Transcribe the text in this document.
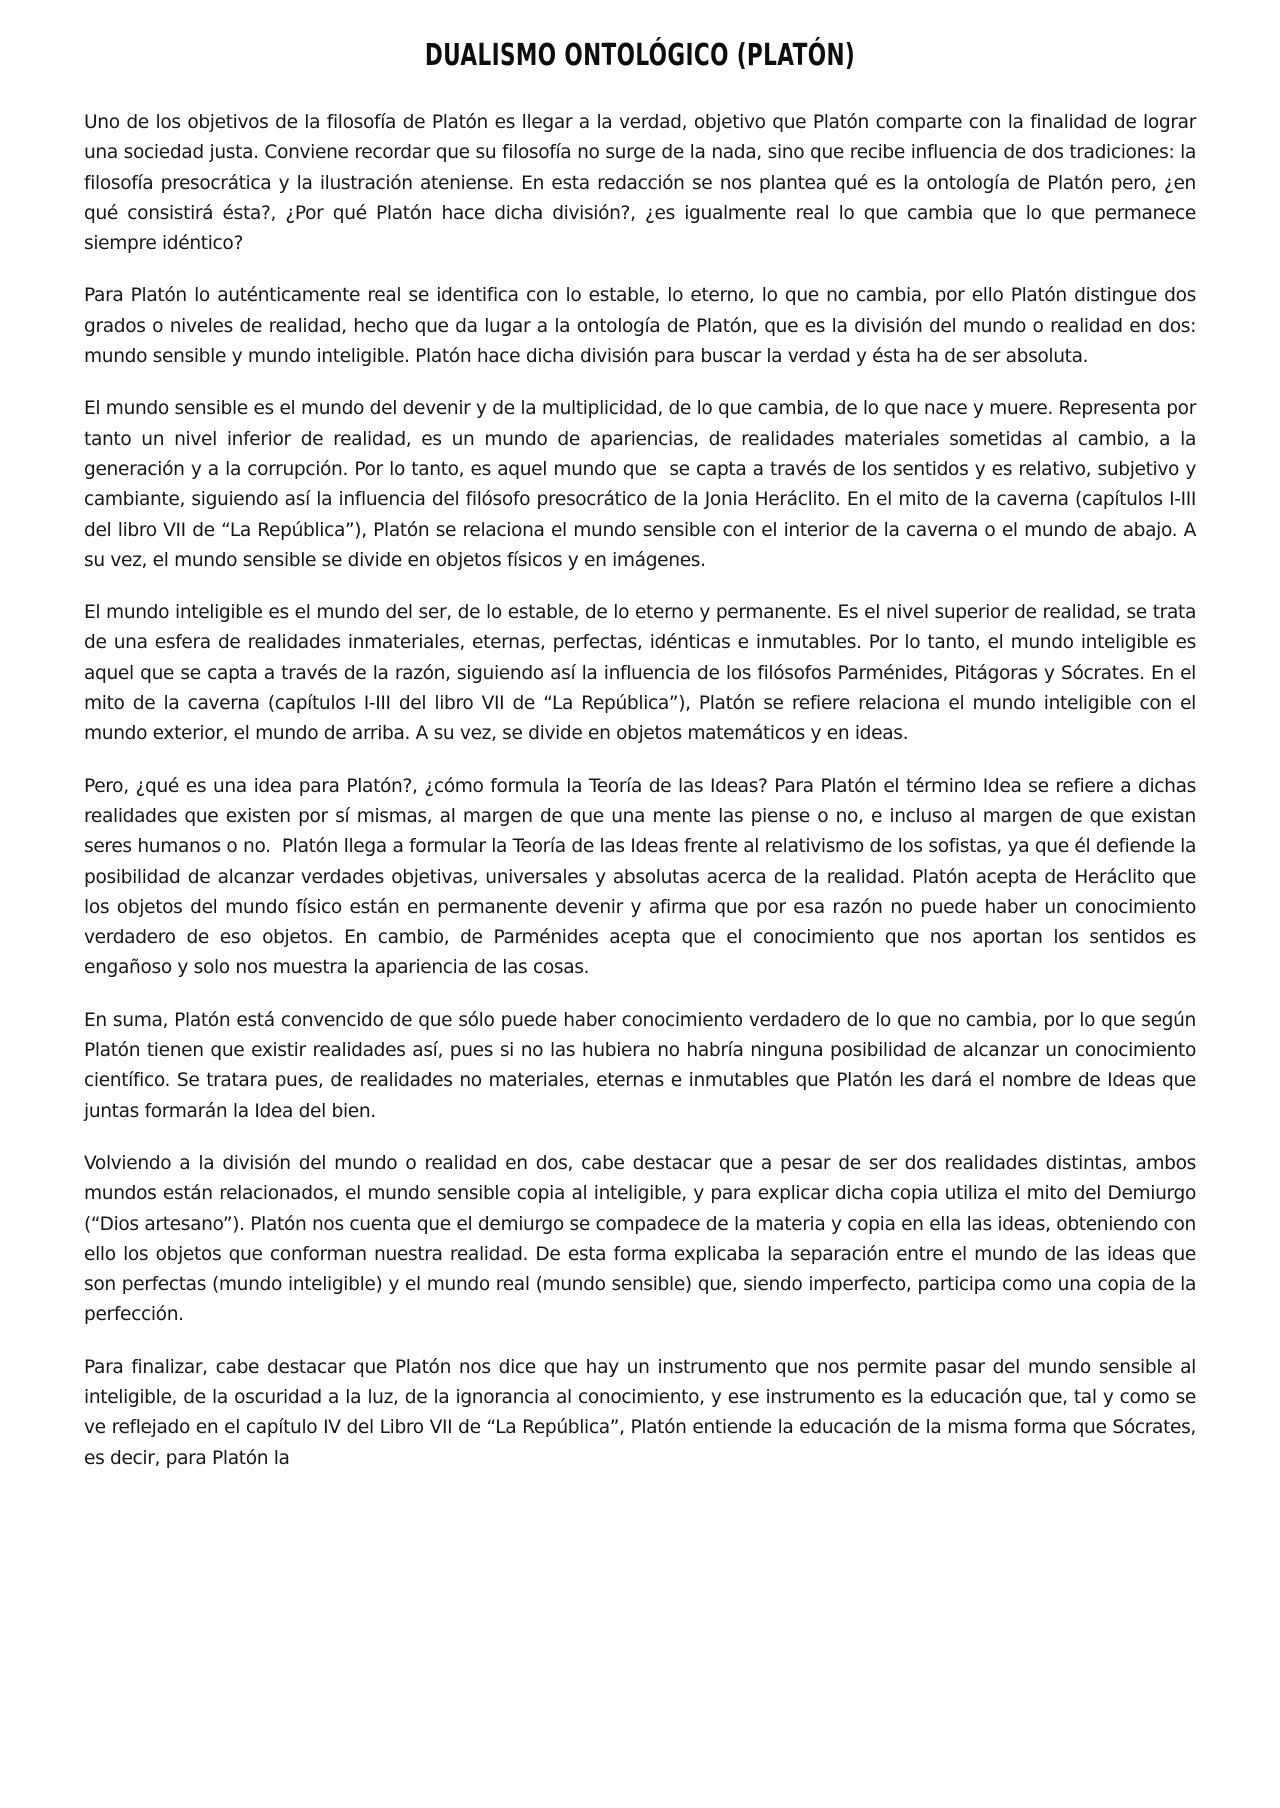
DUALISMO ONTOLÓGICO (PLATÓN)

Uno de los objetivos de la filosofía de Platón es llegar a la verdad, objetivo que Platón comparte con la finalidad de lograr una sociedad justa. Conviene recordar que su filosofía no surge de la nada, sino que recibe influencia de dos tradiciones: la filosofía presocrática y la ilustración ateniense. En esta redacción se nos plantea qué es la ontología de Platón pero, ¿en qué consistirá ésta?, ¿Por qué Platón hace dicha división?, ¿es igualmente real lo que cambia que lo que permanece siempre idéntico?

Para Platón lo auténticamente real se identifica con lo estable, lo eterno, lo que no cambia, por ello Platón distingue dos grados o niveles de realidad, hecho que da lugar a la ontología de Platón, que es la división del mundo o realidad en dos: mundo sensible y mundo inteligible. Platón hace dicha división para buscar la verdad y ésta ha de ser absoluta.

El mundo sensible es el mundo del devenir y de la multiplicidad, de lo que cambia, de lo que nace y muere. Representa por tanto un nivel inferior de realidad, es un mundo de apariencias, de realidades materiales sometidas al cambio, a la generación y a la corrupción. Por lo tanto, es aquel mundo que  se capta a través de los sentidos y es relativo, subjetivo y cambiante, siguiendo así la influencia del filósofo presocrático de la Jonia Heráclito. En el mito de la caverna (capítulos I-III del libro VII de “La República”), Platón se relaciona el mundo sensible con el interior de la caverna o el mundo de abajo. A su vez, el mundo sensible se divide en objetos físicos y en imágenes.

El mundo inteligible es el mundo del ser, de lo estable, de lo eterno y permanente. Es el nivel superior de realidad, se trata de una esfera de realidades inmateriales, eternas, perfectas, idénticas e inmutables. Por lo tanto, el mundo inteligible es aquel que se capta a través de la razón, siguiendo así la influencia de los filósofos Parménides, Pitágoras y Sócrates. En el mito de la caverna (capítulos I-III del libro VII de “La República”), Platón se refiere relaciona el mundo inteligible con el mundo exterior, el mundo de arriba. A su vez, se divide en objetos matemáticos y en ideas.

Pero, ¿qué es una idea para Platón?, ¿cómo formula la Teoría de las Ideas? Para Platón el término Idea se refiere a dichas realidades que existen por sí mismas, al margen de que una mente las piense o no, e incluso al margen de que existan seres humanos o no.  Platón llega a formular la Teoría de las Ideas frente al relativismo de los sofistas, ya que él defiende la posibilidad de alcanzar verdades objetivas, universales y absolutas acerca de la realidad. Platón acepta de Heráclito que los objetos del mundo físico están en permanente devenir y afirma que por esa razón no puede haber un conocimiento verdadero de eso objetos. En cambio, de Parménides acepta que el conocimiento que nos aportan los sentidos es engañoso y solo nos muestra la apariencia de las cosas.

En suma, Platón está convencido de que sólo puede haber conocimiento verdadero de lo que no cambia, por lo que según Platón tienen que existir realidades así, pues si no las hubiera no habría ninguna posibilidad de alcanzar un conocimiento científico. Se tratara pues, de realidades no materiales, eternas e inmutables que Platón les dará el nombre de Ideas que juntas formarán la Idea del bien.

Volviendo a la división del mundo o realidad en dos, cabe destacar que a pesar de ser dos realidades distintas, ambos mundos están relacionados, el mundo sensible copia al inteligible, y para explicar dicha copia utiliza el mito del Demiurgo (“Dios artesano”). Platón nos cuenta que el demiurgo se compadece de la materia y copia en ella las ideas, obteniendo con ello los objetos que conforman nuestra realidad. De esta forma explicaba la separación entre el mundo de las ideas que son perfectas (mundo inteligible) y el mundo real (mundo sensible) que, siendo imperfecto, participa como una copia de la perfección.

Para finalizar, cabe destacar que Platón nos dice que hay un instrumento que nos permite pasar del mundo sensible al inteligible, de la oscuridad a la luz, de la ignorancia al conocimiento, y ese instrumento es la educación que, tal y como se ve reflejado en el capítulo IV del Libro VII de “La República”, Platón entiende la educación de la misma forma que Sócrates, es decir, para Platón la
